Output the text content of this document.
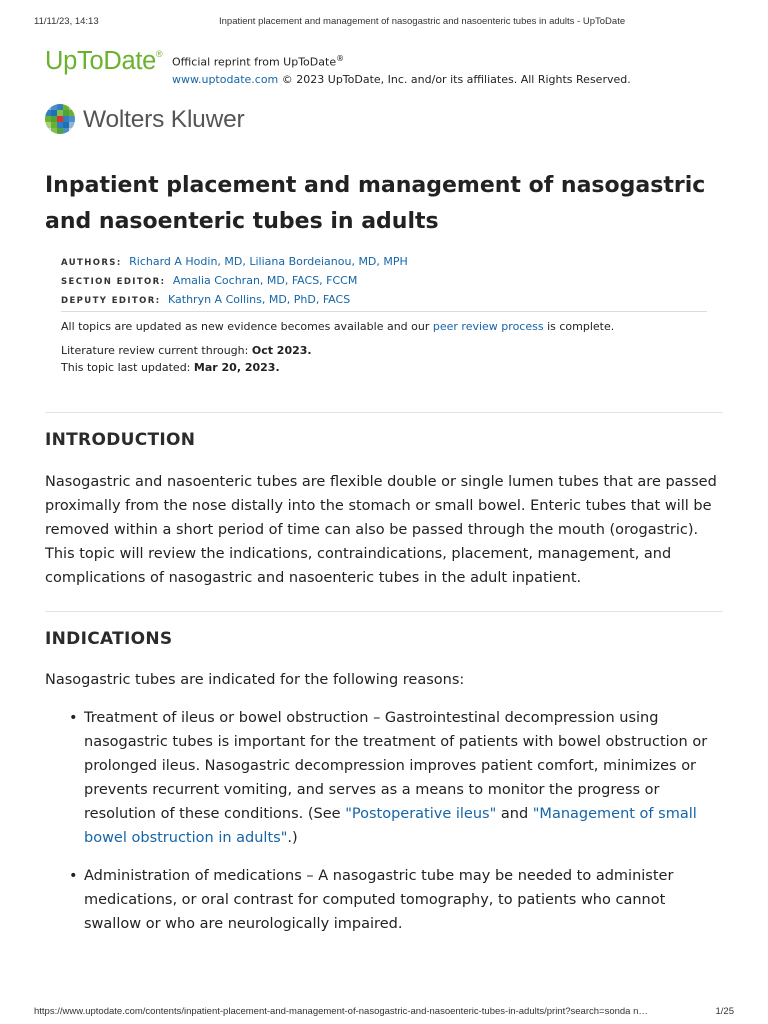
11/11/23, 14:13	Inpatient placement and management of nasogastric and nasoenteric tubes in adults - UpToDate
UpToDate®
Official reprint from UpToDate®
www.uptodate.com © 2023 UpToDate, Inc. and/or its affiliates. All Rights Reserved.
Wolters Kluwer
Inpatient placement and management of nasogastric and nasoenteric tubes in adults
AUTHORS: Richard A Hodin, MD, Liliana Bordeianou, MD, MPH
SECTION EDITOR: Amalia Cochran, MD, FACS, FCCM
DEPUTY EDITOR: Kathryn A Collins, MD, PhD, FACS
All topics are updated as new evidence becomes available and our peer review process is complete.
Literature review current through: Oct 2023.
This topic last updated: Mar 20, 2023.
INTRODUCTION

Nasogastric and nasoenteric tubes are flexible double or single lumen tubes that are passed proximally from the nose distally into the stomach or small bowel. Enteric tubes that will be removed within a short period of time can also be passed through the mouth (orogastric). This topic will review the indications, contraindications, placement, management, and complications of nasogastric and nasoenteric tubes in the adult inpatient.

INDICATIONS

Nasogastric tubes are indicated for the following reasons:

• Treatment of ileus or bowel obstruction – Gastrointestinal decompression using nasogastric tubes is important for the treatment of patients with bowel obstruction or prolonged ileus. Nasogastric decompression improves patient comfort, minimizes or prevents recurrent vomiting, and serves as a means to monitor the progress or resolution of these conditions. (See "Postoperative ileus" and "Management of small bowel obstruction in adults".)
• Administration of medications – A nasogastric tube may be needed to administer medications, or oral contrast for computed tomography, to patients who cannot swallow or who are neurologically impaired.
https://www.uptodate.com/contents/inpatient-placement-and-management-of-nasogastric-and-nasoenteric-tubes-in-adults/print?search=sonda n…	1/25
